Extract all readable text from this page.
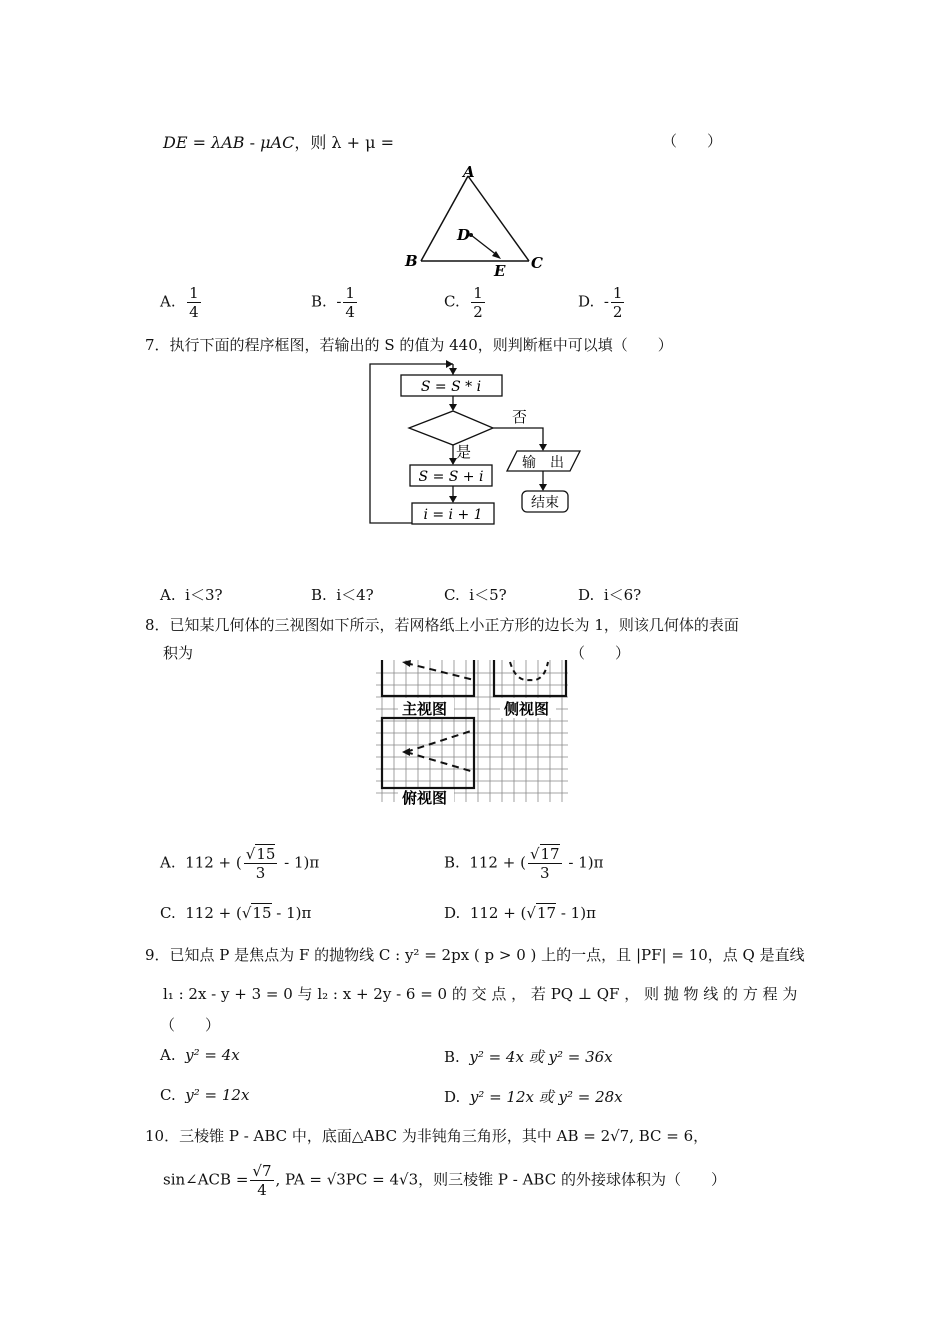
DE = λAB - μAC，则 λ + μ =	（　　）
A
B	C
D
E
A. $\frac{1}{4}$	B. - $\frac{1}{4}$	C. $\frac{1}{2}$	D. - $\frac{1}{2}$
7．执行下面的程序框图，若输出的 S 的值为 440，则判断框中可以填（　　）
S = S * i
否
输　出
结束
是
S = S + i
i = i + 1
A. i＜3?	B. i＜4?	C. i＜5?	D. i＜6?
8．已知某几何体的三视图如下所示，若网格纸上小正方形的边长为 1，则该几何体的表面
积为	（　　）
主视图	侧视图
俯视图
A. 112 + ( $\frac{√15}{3} - 1)\pi$	B. 112 + ( $\frac{√17}{3} - 1)\pi$
C. 112 + (√15 - 1)π	D. 112 + (√17 - 1)π
9．已知点 P 是焦点为 F 的抛物线 C : y² = 2px ( p > 0 ) 上的一点，且 |PF| = 10，点 Q 是直线
l₁ : 2x - y + 3 = 0 与 l₂ : x + 2y - 6 = 0 的 交 点 ， 若 PQ ⊥ QF ， 则 抛 物 线 的 方 程 为
（　　）
A. y² = 4x	B. y² = 4x 或 y² = 36x
C. y² = 12x	D. y² = 12x 或 y² = 28x
10．三棱锥 P - ABC 中，底面△ABC 为非钝角三角形，其中 AB = 2√7, BC = 6，
sin∠ACB = $\frac{√7}{4}$ , PA = √3PC = 4√3，则三棱锥 P - ABC 的外接球体积为（　　）
